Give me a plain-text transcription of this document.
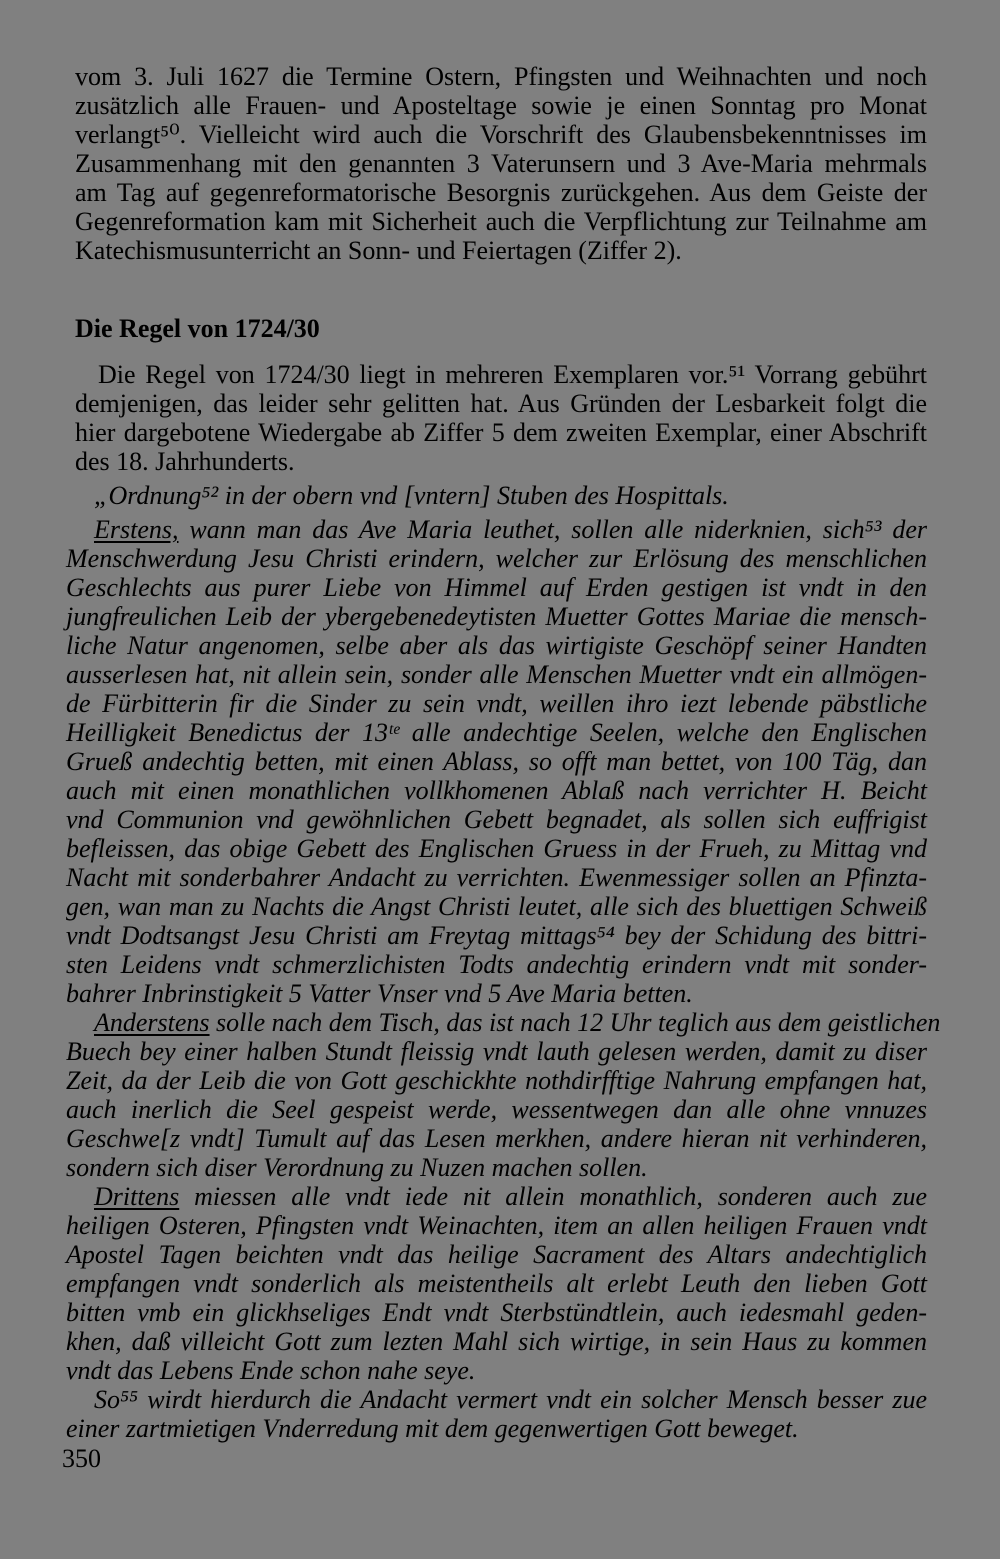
vom 3. Juli 1627 die Termine Ostern, Pfingsten und Weihnachten und noch
zusätzlich alle Frauen- und Aposteltage sowie je einen Sonntag pro Monat
verlangt⁵⁰. Vielleicht wird auch die Vorschrift des Glaubensbekenntnisses im
Zusammenhang mit den genannten 3 Vaterunsern und 3 Ave-Maria mehrmals
am Tag auf gegenreformatorische Besorgnis zurückgehen. Aus dem Geiste der
Gegenreformation kam mit Sicherheit auch die Verpflichtung zur Teilnahme am
Katechismusunterricht an Sonn- und Feiertagen (Ziffer 2).
Die Regel von 1724/30
Die Regel von 1724/30 liegt in mehreren Exemplaren vor.⁵¹ Vorrang gebührt
demjenigen, das leider sehr gelitten hat. Aus Gründen der Lesbarkeit folgt die
hier dargebotene Wiedergabe ab Ziffer 5 dem zweiten Exemplar, einer Abschrift
des 18. Jahrhunderts.
„Ordnung⁵² in der obern vnd [vntern] Stuben des Hospittals.
Erstens, wann man das Ave Maria leuthet, sollen alle niderknien, sich⁵³ der
Menschwerdung Jesu Christi erindern, welcher zur Erlösung des menschlichen
Geschlechts aus purer Liebe von Himmel auf Erden gestigen ist vndt in den
jungfreulichen Leib der ybergebenedeytisten Muetter Gottes Mariae die mensch-
liche Natur angenomen, selbe aber als das wirtigiste Geschöpf seiner Handten
ausserlesen hat, nit allein sein, sonder alle Menschen Muetter vndt ein allmögen-
de Fürbitterin fir die Sinder zu sein vndt, weillen ihro iezt lebende päbstliche
Heilligkeit Benedictus der 13ᵗᵉ alle andechtige Seelen, welche den Englischen
Grueß andechtig betten, mit einen Ablass, so offt man bettet, von 100 Täg, dan
auch mit einen monathlichen vollkhomenen Ablaß nach verrichter H. Beicht
vnd Communion vnd gewöhnlichen Gebett begnadet, als sollen sich euffrigist
befleissen, das obige Gebett des Englischen Gruess in der Frueh, zu Mittag vnd
Nacht mit sonderbahrer Andacht zu verrichten. Ewenmessiger sollen an Pfinzta-
gen, wan man zu Nachts die Angst Christi leutet, alle sich des bluettigen Schweiß
vndt Dodtsangst Jesu Christi am Freytag mittags⁵⁴ bey der Schidung des bittri-
sten Leidens vndt schmerzlichisten Todts andechtig erindern vndt mit sonder-
bahrer Inbrinstigkeit 5 Vatter Vnser vnd 5 Ave Maria betten.
Anderstens solle nach dem Tisch, das ist nach 12 Uhr teglich aus dem geistlichen
Buech bey einer halben Stundt fleissig vndt lauth gelesen werden, damit zu diser
Zeit, da der Leib die von Gott geschickhte nothdirfftige Nahrung empfangen hat,
auch inerlich die Seel gespeist werde, wessentwegen dan alle ohne vnnuzes
Geschwe[z vndt] Tumult auf das Lesen merkhen, andere hieran nit verhinderen,
sondern sich diser Verordnung zu Nuzen machen sollen.
Drittens miessen alle vndt iede nit allein monathlich, sonderen auch zue
heiligen Osteren, Pfingsten vndt Weinachten, item an allen heiligen Frauen vndt
Apostel Tagen beichten vndt das heilige Sacrament des Altars andechtiglich
empfangen vndt sonderlich als meistentheils alt erlebt Leuth den lieben Gott
bitten vmb ein glickhseliges Endt vndt Sterbstündtlein, auch iedesmahl geden-
khen, daß villeicht Gott zum lezten Mahl sich wirtige, in sein Haus zu kommen
vndt das Lebens Ende schon nahe seye.
So⁵⁵ wirdt hierdurch die Andacht vermert vndt ein solcher Mensch besser zue
einer zartmietigen Vnderredung mit dem gegenwertigen Gott beweget.
350
